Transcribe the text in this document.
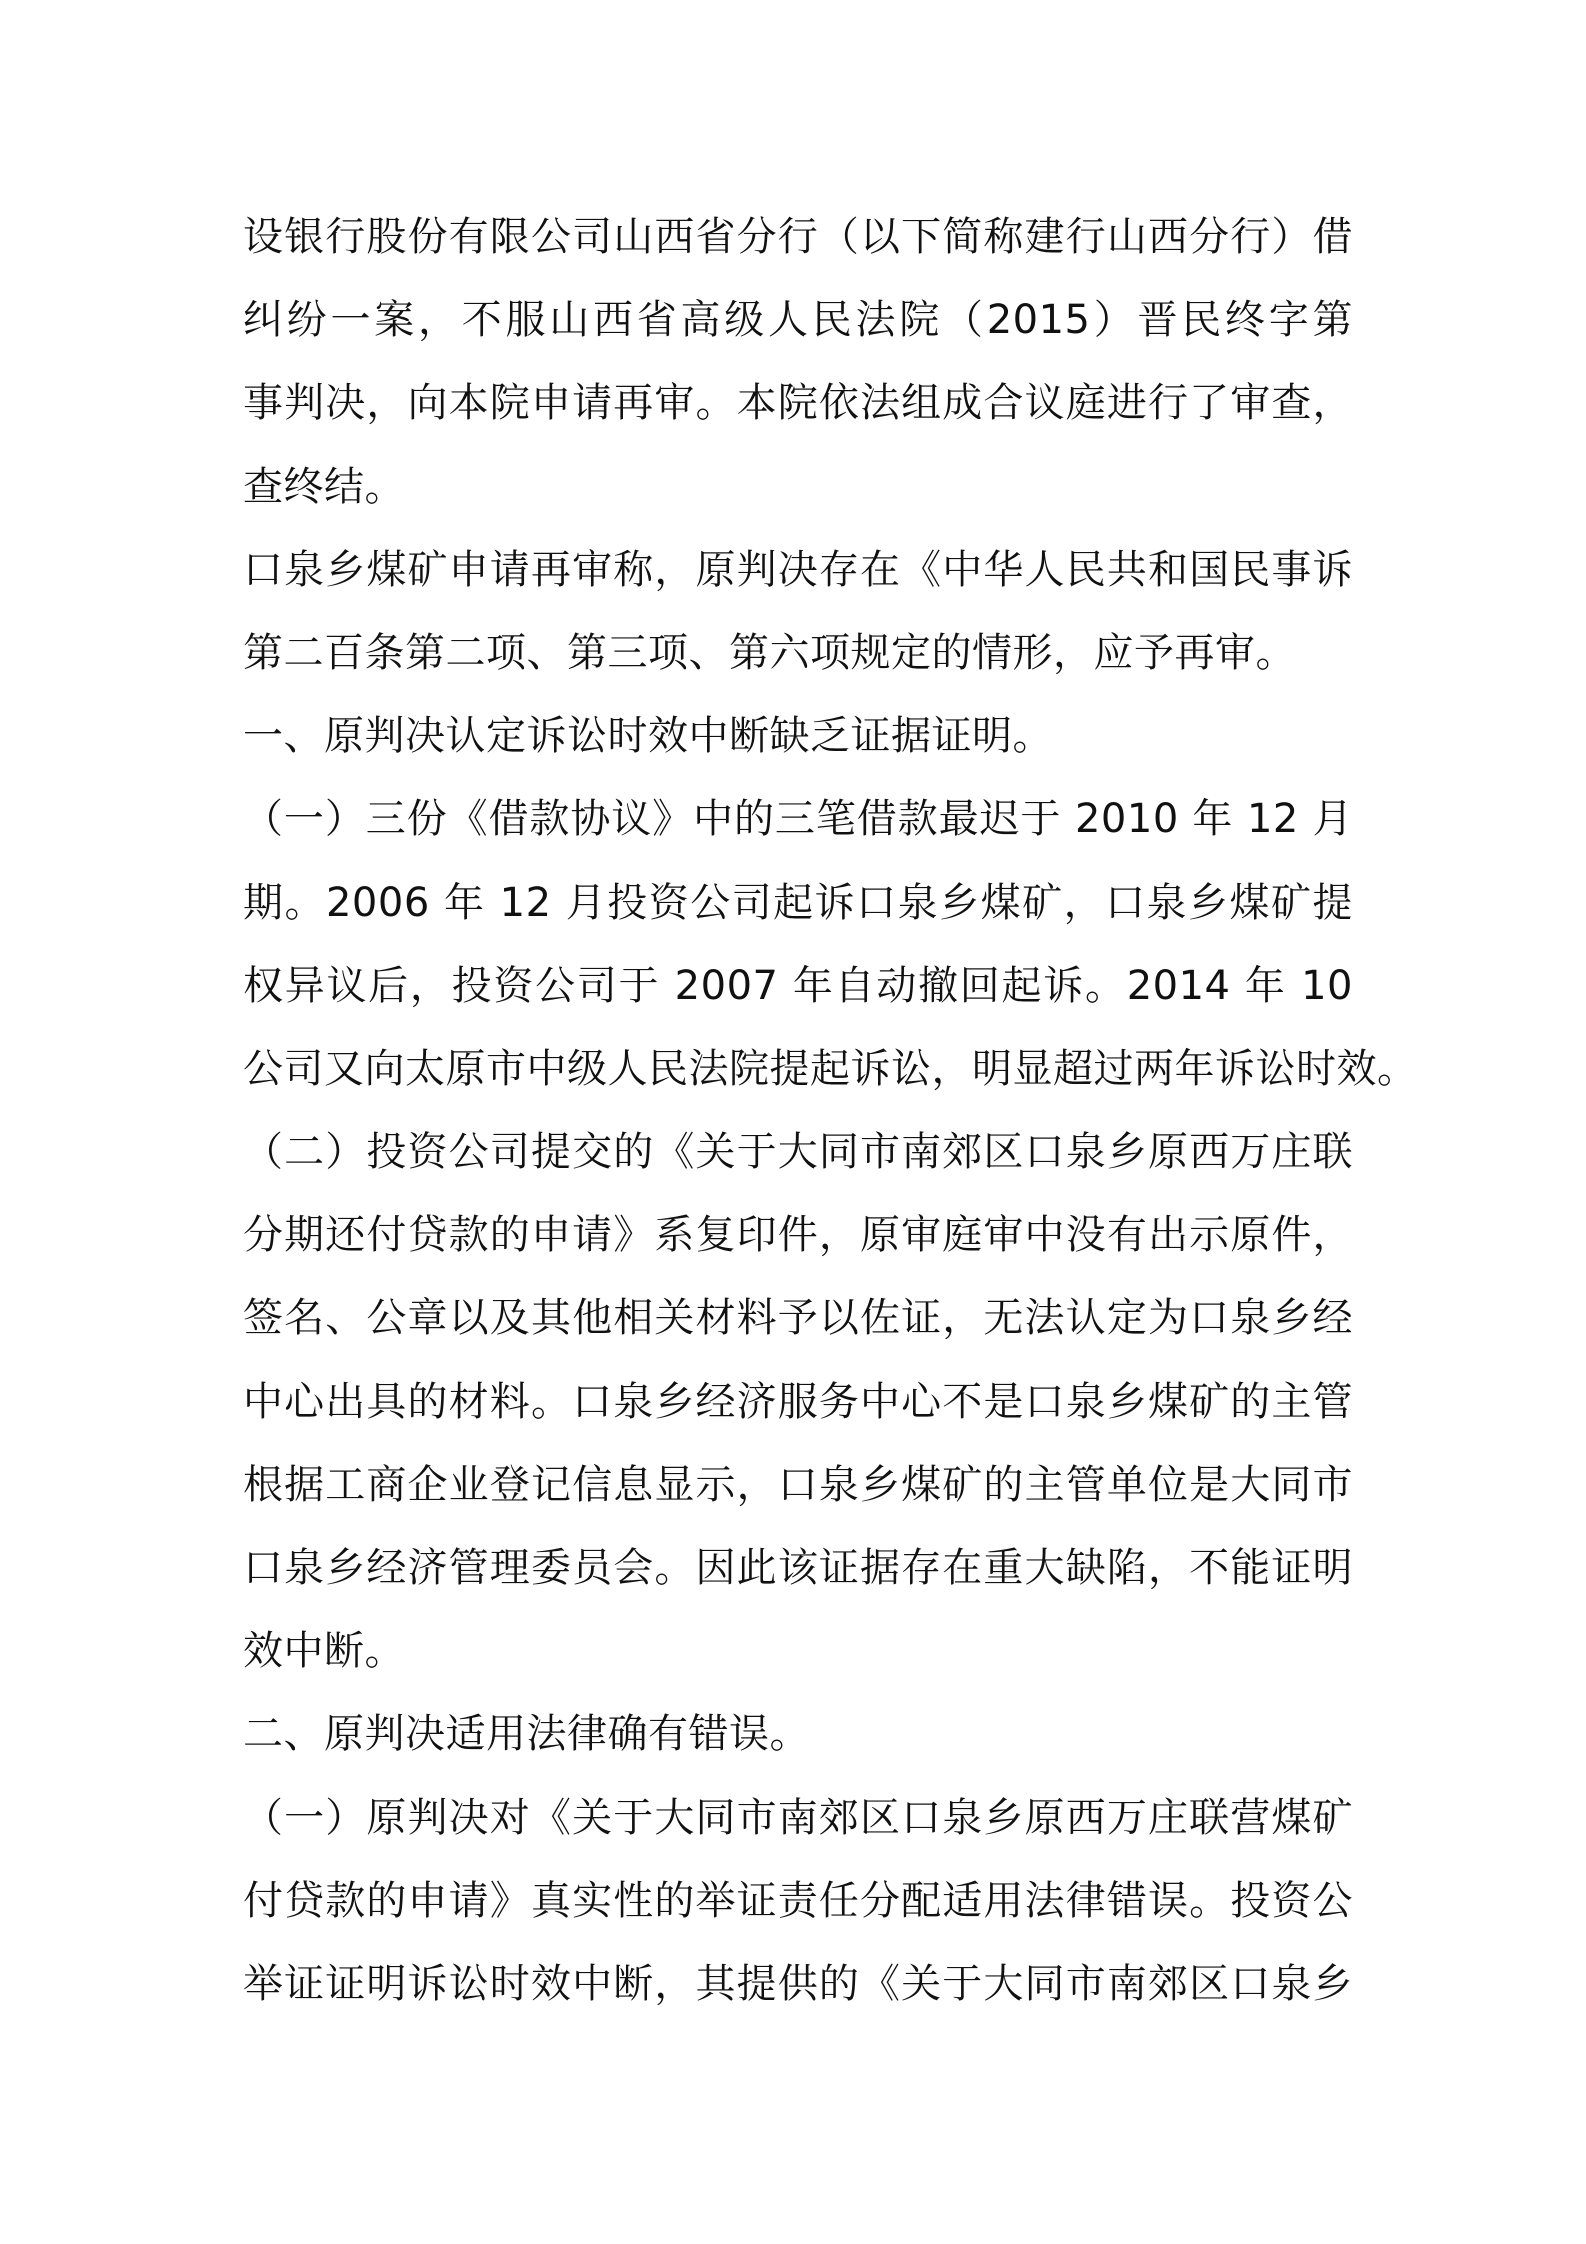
设银行股份有限公司山西省分行（以下简称建行山西分行）借
纠纷一案，不服山西省高级人民法院（2015）晋民终字第
事判决，向本院申请再审。本院依法组成合议庭进行了审查，
查终结。
口泉乡煤矿申请再审称，原判决存在《中华人民共和国民事诉
第二百条第二项、第三项、第六项规定的情形，应予再审。
一、原判决认定诉讼时效中断缺乏证据证明。
（一）三份《借款协议》中的三笔借款最迟于 2010 年 12 月
期。2006 年 12 月投资公司起诉口泉乡煤矿，口泉乡煤矿提
权异议后，投资公司于 2007 年自动撤回起诉。2014 年 10
公司又向太原市中级人民法院提起诉讼，明显超过两年诉讼时效。
（二）投资公司提交的《关于大同市南郊区口泉乡原西万庄联
分期还付贷款的申请》系复印件，原审庭审中没有出示原件，
签名、公章以及其他相关材料予以佐证，无法认定为口泉乡经
中心出具的材料。口泉乡经济服务中心不是口泉乡煤矿的主管
根据工商企业登记信息显示，口泉乡煤矿的主管单位是大同市
口泉乡经济管理委员会。因此该证据存在重大缺陷，不能证明
效中断。
二、原判决适用法律确有错误。
（一）原判决对《关于大同市南郊区口泉乡原西万庄联营煤矿
付贷款的申请》真实性的举证责任分配适用法律错误。投资公
举证证明诉讼时效中断，其提供的《关于大同市南郊区口泉乡
